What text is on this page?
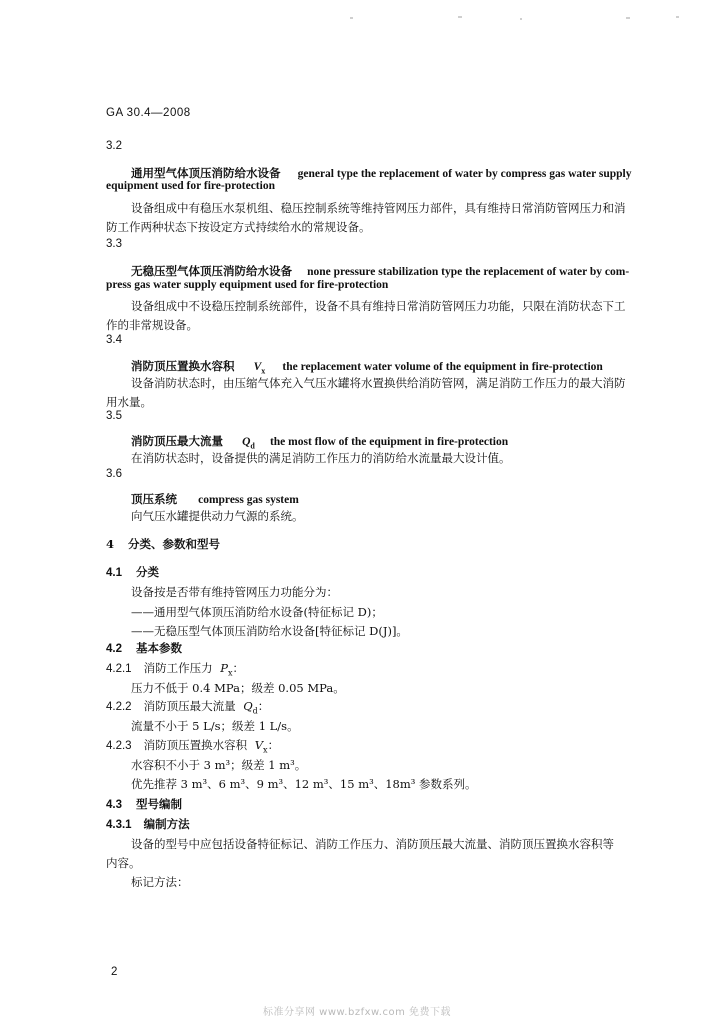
GA 30.4—2008
3.2
通用型气体顶压消防给水设备 general type the replacement of water by compress gas water supply
equipment used for fire-protection
设备组成中有稳压水泵机组、稳压控制系统等维持管网压力部件，具有维持日常消防管网压力和消
防工作两种状态下按设定方式持续给水的常规设备。
3.3
无稳压型气体顶压消防给水设备 none pressure stabilization type the replacement of water by com-
press gas water supply equipment used for fire-protection
设备组成中不设稳压控制系统部件，设备不具有维持日常消防管网压力功能，只限在消防状态下工
作的非常规设备。
3.4
消防顶压置换水容积 $V_x$ the replacement water volume of the equipment in fire-protection
设备消防状态时，由压缩气体充入气压水罐将水置换供给消防管网，满足消防工作压力的最大消防
用水量。
3.5
消防顶压最大流量 $Q_d$ the most flow of the equipment in fire-protection
在消防状态时，设备提供的满足消防工作压力的消防给水流量最大设计值。
3.6
顶压系统 compress gas system
向气压水罐提供动力气源的系统。
4 分类、参数和型号
4.1 分类
设备按是否带有维持管网压力功能分为：
——通用型气体顶压消防给水设备(特征标记 D)；
——无稳压型气体顶压消防给水设备[特征标记 D(J)]。
4.2 基本参数
4.2.1 消防工作压力 $P_x$：
压力不低于 0.4 MPa；级差 0.05 MPa。
4.2.2 消防顶压最大流量 $Q_d$：
流量不小于 5 L/s；级差 1 L/s。
4.2.3 消防顶压置换水容积 $V_x$：
水容积不小于 3 m³；级差 1 m³。
优先推荐 3 m³、6 m³、9 m³、12 m³、15 m³、18m³ 参数系列。
4.3 型号编制
4.3.1 编制方法
设备的型号中应包括设备特征标记、消防工作压力、消防顶压最大流量、消防顶压置换水容积等
内容。
标记方法：
2
标准分享网 www.bzfxw.com 免费下载
